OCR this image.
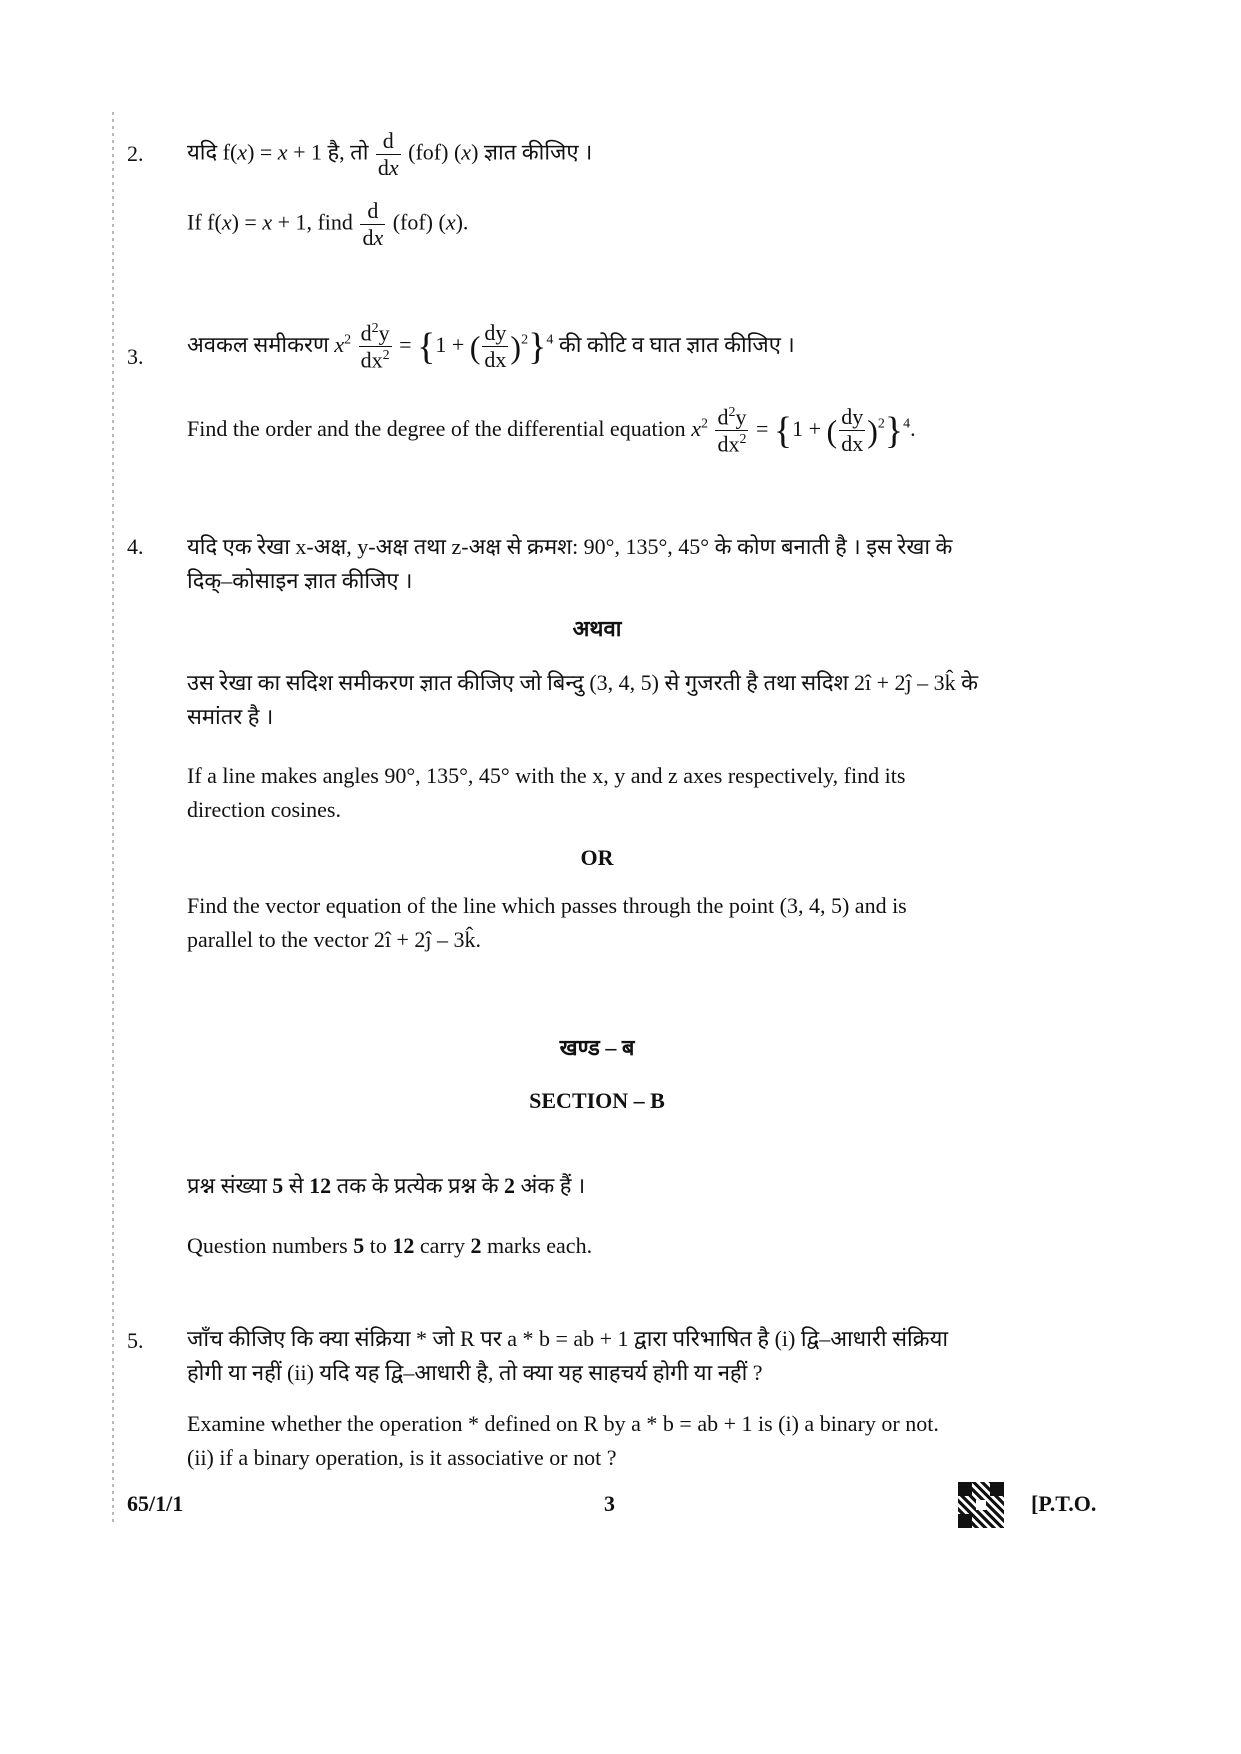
2. यदि f(x) = x + 1 है, तो $\frac{d}{dx} (fof)$ (x) ज्ञात कीजिए ।
If f(x) = x + 1, find $\frac{d}{dx} (fof)$ (x).
3. अवकल समीकरण $x^2 \frac{d^2y}{dx^2} = \{1$ + ( $\frac{dy}{dx} )^2\}^4$ की कोटि व घात ज्ञात कीजिए ।
Find the order and the degree of the differential equation $x^2 \frac{d^2y}{dx^2} = \{1$ + ( $\frac{dy}{dx} )^2\}^4$.
4. यदि एक रेखा x-अक्ष, y-अक्ष तथा z-अक्ष से क्रमश: 90°, 135°, 45° के कोण बनाती है । इस रेखा के
दिक्–कोसाइन ज्ञात कीजिए ।
अथवा
उस रेखा का सदिश समीकरण ज्ञात कीजिए जो बिन्दु (3, 4, 5) से गुजरती है तथा सदिश 2î + 2ĵ – 3k̂ के
समांतर है ।
If a line makes angles 90°, 135°, 45° with the x, y and z axes respectively, find its
direction cosines.
OR
Find the vector equation of the line which passes through the point (3, 4, 5) and is
parallel to the vector 2î + 2ĵ – 3k̂.
खण्ड – ब
SECTION – B
प्रश्न संख्या 5 से 12 तक के प्रत्येक प्रश्न के 2 अंक हैं ।
Question numbers 5 to 12 carry 2 marks each.
5. जाँच कीजिए कि क्या संक्रिया * जो R पर a * b = ab + 1 द्वारा परिभाषित है (i) द्वि–आधारी संक्रिया
होगी या नहीं (ii) यदि यह द्वि–आधारी है, तो क्या यह साहचर्य होगी या नहीं ?
Examine whether the operation * defined on R by a * b = ab + 1 is (i) a binary or not.
(ii) if a binary operation, is it associative or not ?
65/1/1	3	[P.T.O.
